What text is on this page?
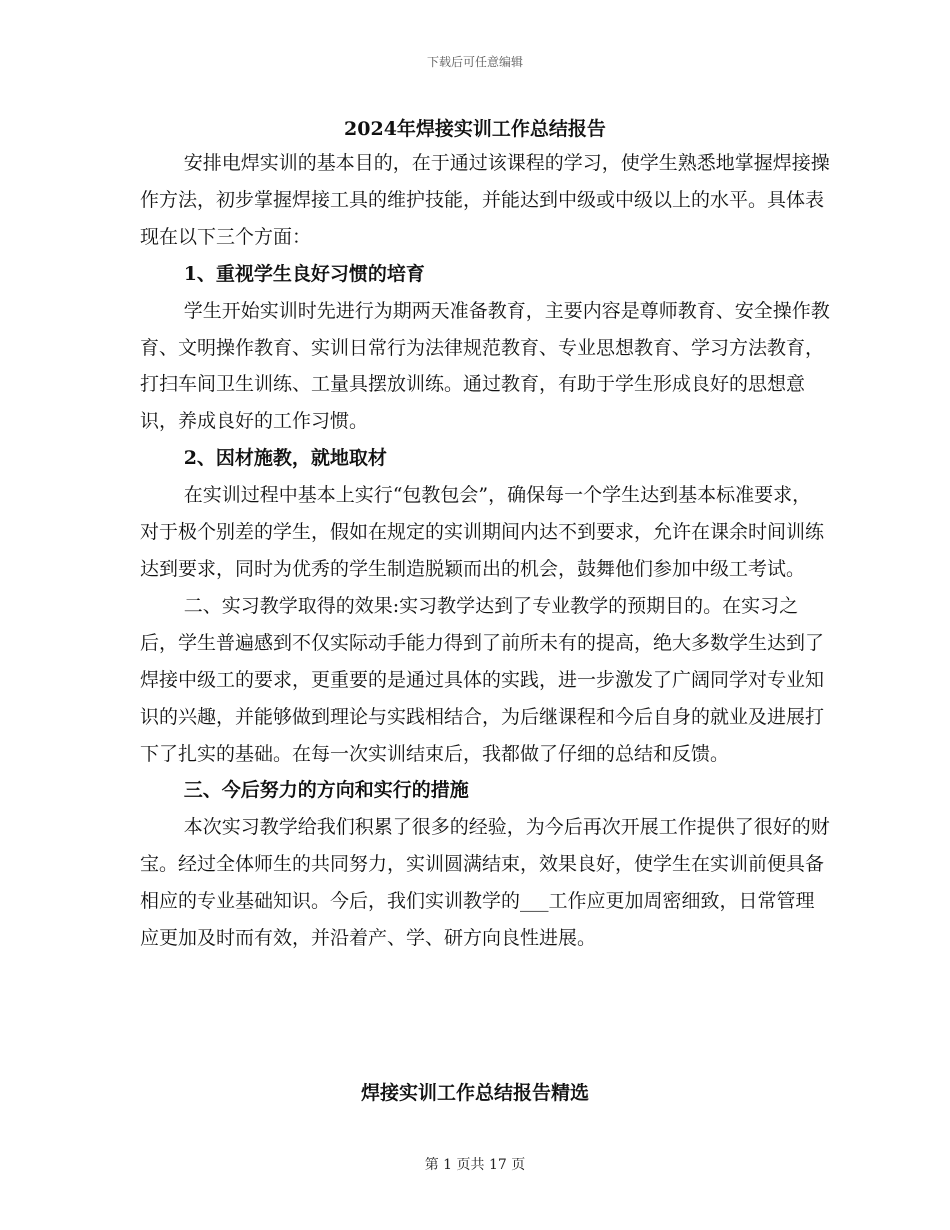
下载后可任意编辑
2024年焊接实训工作总结报告

安排电焊实训的基本目的，在于通过该课程的学习，使学生熟悉地掌握焊接操作方法，初步掌握焊接工具的维护技能，并能达到中级或中级以上的水平。具体表现在以下三个方面：

1、重视学生良好习惯的培育

学生开始实训时先进行为期两天准备教育，主要内容是尊师教育、安全操作教育、文明操作教育、实训日常行为法律规范教育、专业思想教育、学习方法教育，打扫车间卫生训练、工量具摆放训练。通过教育，有助于学生形成良好的思想意识，养成良好的工作习惯。

2、因材施教，就地取材

在实训过程中基本上实行“包教包会”，确保每一个学生达到基本标准要求，对于极个别差的学生，假如在规定的实训期间内达不到要求，允许在课余时间训练达到要求，同时为优秀的学生制造脱颖而出的机会，鼓舞他们参加中级工考试。

二、实习教学取得的效果:实习教学达到了专业教学的预期目的。在实习之后，学生普遍感到不仅实际动手能力得到了前所未有的提高，绝大多数学生达到了焊接中级工的要求，更重要的是通过具体的实践，进一步激发了广阔同学对专业知识的兴趣，并能够做到理论与实践相结合，为后继课程和今后自身的就业及进展打下了扎实的基础。在每一次实训结束后，我都做了仔细的总结和反馈。

三、今后努力的方向和实行的措施

本次实习教学给我们积累了很多的经验，为今后再次开展工作提供了很好的财宝。经过全体师生的共同努力，实训圆满结束，效果良好，使学生在实训前便具备相应的专业基础知识。今后，我们实训教学的___工作应更加周密细致，日常管理应更加及时而有效，并沿着产、学、研方向良性进展。

焊接实训工作总结报告精选
第 1 页共 17 页
